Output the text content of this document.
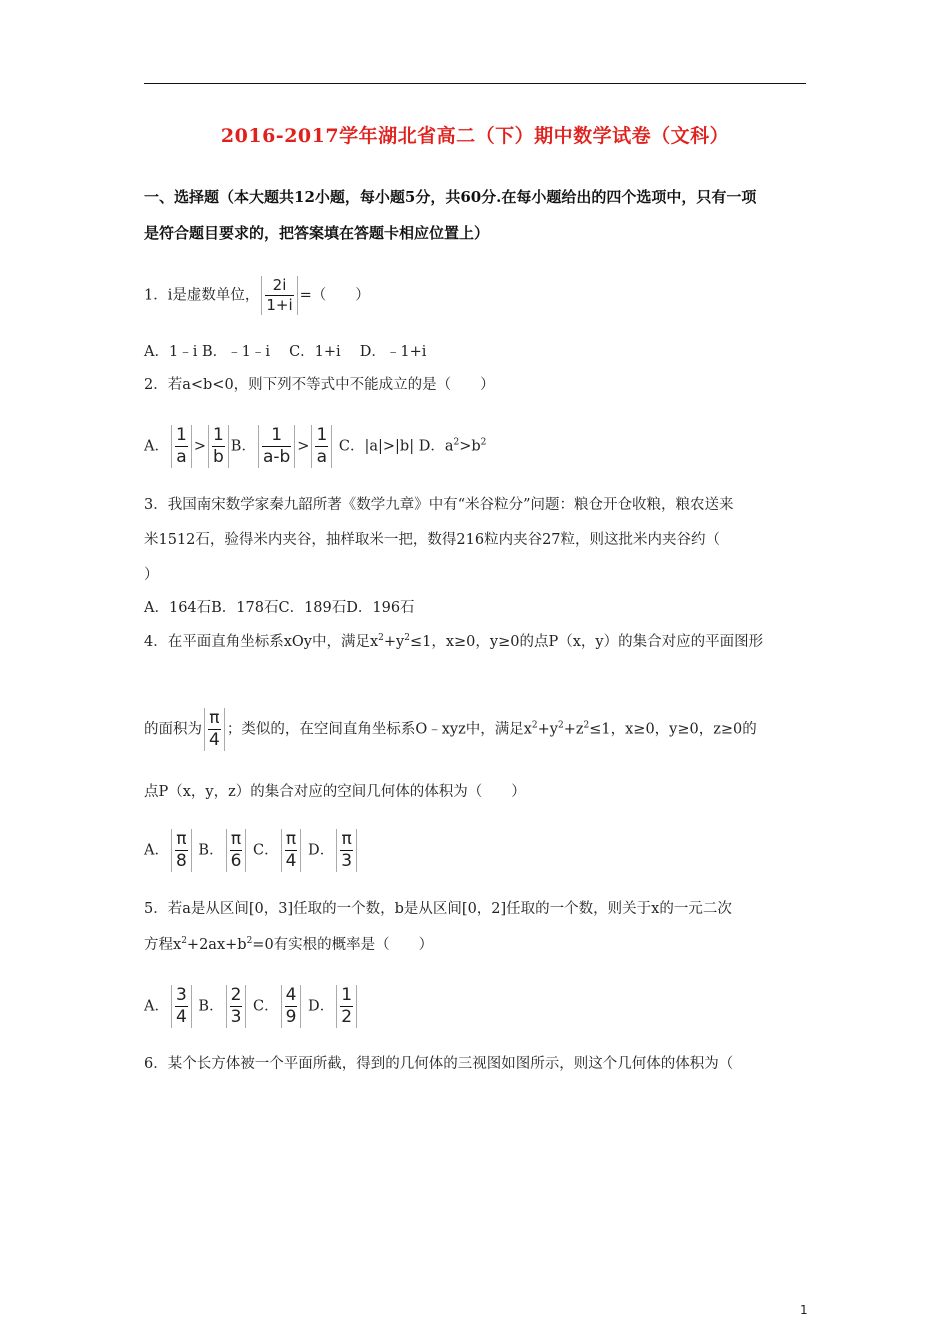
2016-2017学年湖北省高二（下）期中数学试卷（文科）
一、选择题（本大题共12小题，每小题5分，共60分.在每小题给出的四个选项中，只有一项
是符合题目要求的，把答案填在答题卡相应位置上）
1．i是虚数单位， $\frac{2i}{1+i}$ =（　　）
A．1﹣i B．﹣1﹣i　 C．1+i　 D．﹣1+i
2．若a<b<0，则下列不等式中不能成立的是（　　）
A． $\frac{1}{a} > \frac{1}{b}$ B． $\frac{1}{a-b} > \frac{1}{a}$ C．|a|>|b| D．$a^2>b^2$
3．我国南宋数学家秦九韶所著《数学九章》中有“米谷粒分”问题：粮仓开仓收粮，粮农送来
米1512石，验得米内夹谷，抽样取米一把，数得216粒内夹谷27粒，则这批米内夹谷约（
）
A．164石B．178石C．189石D．196石
4．在平面直角坐标系xOy中，满足$x^2+y^2\le 1$，x≥0，y≥0的点P（x，y）的集合对应的平面图形
的面积为 $\frac{\pi}{4}$ ；类似的，在空间直角坐标系O﹣xyz中，满足$x^2+y^2+z^2\le 1$，x≥0，y≥0，z≥0的
点P（x，y，z）的集合对应的空间几何体的体积为（　　）
A． $\frac{\pi}{8}$ B． $\frac{\pi}{6}$ C． $\frac{\pi}{4}$ D． $\frac{\pi}{3}$
5．若a是从区间[0，3]任取的一个数，b是从区间[0，2]任取的一个数，则关于x的一元二次
方程$x^2+2ax+b^2=0$有实根的概率是（　　）
A． $\frac{3}{4}$ B． $\frac{2}{3}$ C． $\frac{4}{9}$ D． $\frac{1}{2}$
6．某个长方体被一个平面所截，得到的几何体的三视图如图所示，则这个几何体的体积为（
1
